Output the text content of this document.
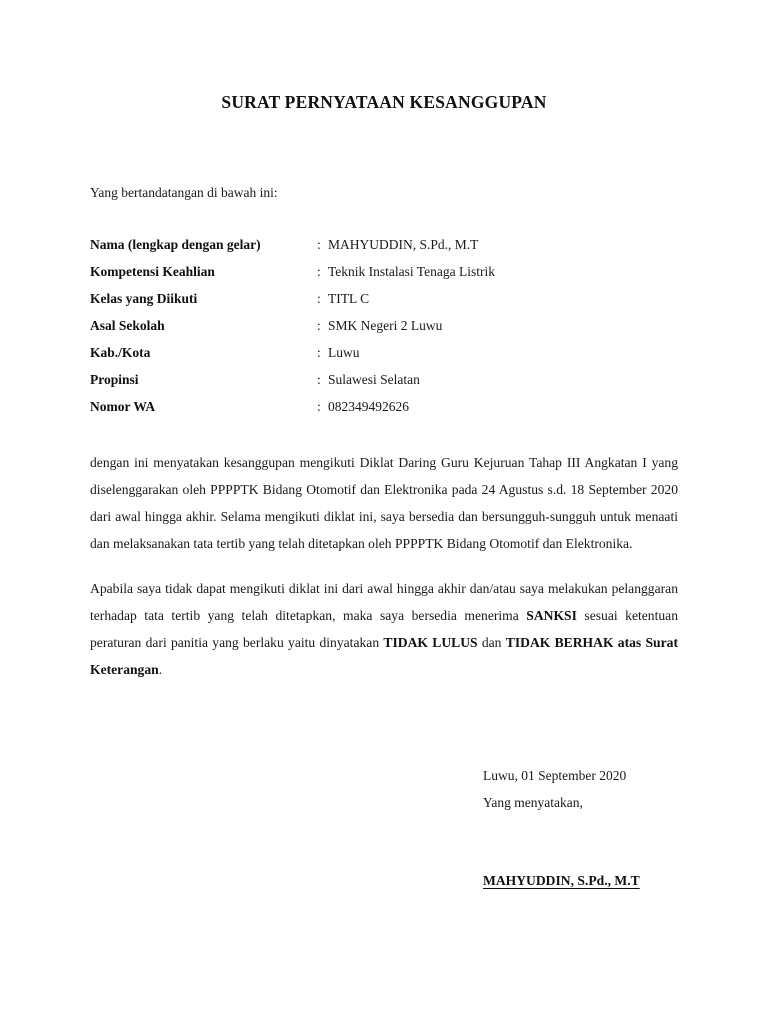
SURAT PERNYATAAN KESANGGUPAN
Yang bertandatangan di bawah ini:
Nama (lengkap dengan gelar)	:	MAHYUDDIN, S.Pd., M.T
Kompetensi Keahlian	:	Teknik Instalasi Tenaga Listrik
Kelas yang Diikuti	:	TITL C
Asal Sekolah	:	SMK Negeri 2 Luwu
Kab./Kota	:	Luwu
Propinsi	:	Sulawesi Selatan
Nomor WA	:	082349492626

dengan ini menyatakan kesanggupan mengikuti Diklat Daring Guru Kejuruan Tahap III Angkatan I yang diselenggarakan oleh PPPPTK Bidang Otomotif dan Elektronika pada 24 Agustus s.d. 18 September 2020 dari awal hingga akhir. Selama mengikuti diklat ini, saya bersedia dan bersungguh-sungguh untuk menaati dan melaksanakan tata tertib yang telah ditetapkan oleh PPPPTK Bidang Otomotif dan Elektronika.

Apabila saya tidak dapat mengikuti diklat ini dari awal hingga akhir dan/atau saya melakukan pelanggaran terhadap tata tertib yang telah ditetapkan, maka saya bersedia menerima SANKSI sesuai ketentuan peraturan dari panitia yang berlaku yaitu dinyatakan TIDAK LULUS dan TIDAK BERHAK atas Surat Keterangan.

Luwu, 01 September 2020
Yang menyatakan,
MAHYUDDIN, S.Pd., M.T
